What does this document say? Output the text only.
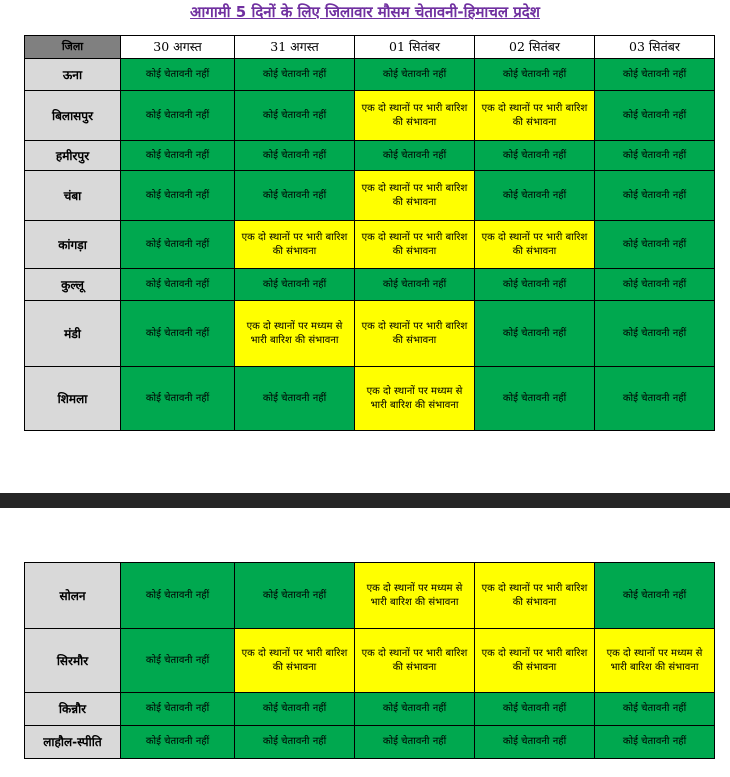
आगामी 5 दिनों के लिए जिलावार मौसम चेतावनी-हिमाचल प्रदेश
जिला	30 अगस्त	31 अगस्त	01 सितंबर	02 सितंबर	03 सितंबर
ऊना	कोई चेतावनी नहीं	कोई चेतावनी नहीं	कोई चेतावनी नहीं	कोई चेतावनी नहीं	कोई चेतावनी नहीं
बिलासपुर	कोई चेतावनी नहीं	कोई चेतावनी नहीं	एक दो स्थानों पर भारी बारिश की संभावना	एक दो स्थानों पर भारी बारिश की संभावना	कोई चेतावनी नहीं
हमीरपुर	कोई चेतावनी नहीं	कोई चेतावनी नहीं	कोई चेतावनी नहीं	कोई चेतावनी नहीं	कोई चेतावनी नहीं
चंबा	कोई चेतावनी नहीं	कोई चेतावनी नहीं	एक दो स्थानों पर भारी बारिश की संभावना	कोई चेतावनी नहीं	कोई चेतावनी नहीं
कांगड़ा	कोई चेतावनी नहीं	एक दो स्थानों पर भारी बारिश की संभावना	एक दो स्थानों पर भारी बारिश की संभावना	एक दो स्थानों पर भारी बारिश की संभावना	कोई चेतावनी नहीं
कुल्लू	कोई चेतावनी नहीं	कोई चेतावनी नहीं	कोई चेतावनी नहीं	कोई चेतावनी नहीं	कोई चेतावनी नहीं
मंडी	कोई चेतावनी नहीं	एक दो स्थानों पर मध्यम से भारी बारिश की संभावना	एक दो स्थानों पर भारी बारिश की संभावना	कोई चेतावनी नहीं	कोई चेतावनी नहीं
शिमला	कोई चेतावनी नहीं	कोई चेतावनी नहीं	एक दो स्थानों पर मध्यम से भारी बारिश की संभावना	कोई चेतावनी नहीं	कोई चेतावनी नहीं
सोलन	कोई चेतावनी नहीं	कोई चेतावनी नहीं	एक दो स्थानों पर मध्यम से भारी बारिश की संभावना	एक दो स्थानों पर भारी बारिश की संभावना	कोई चेतावनी नहीं
सिरमौर	कोई चेतावनी नहीं	एक दो स्थानों पर भारी बारिश की संभावना	एक दो स्थानों पर भारी बारिश की संभावना	एक दो स्थानों पर भारी बारिश की संभावना	एक दो स्थानों पर मध्यम से भारी बारिश की संभावना
किन्नौर	कोई चेतावनी नहीं	कोई चेतावनी नहीं	कोई चेतावनी नहीं	कोई चेतावनी नहीं	कोई चेतावनी नहीं
लाहौल-स्पीति	कोई चेतावनी नहीं	कोई चेतावनी नहीं	कोई चेतावनी नहीं	कोई चेतावनी नहीं	कोई चेतावनी नहीं
